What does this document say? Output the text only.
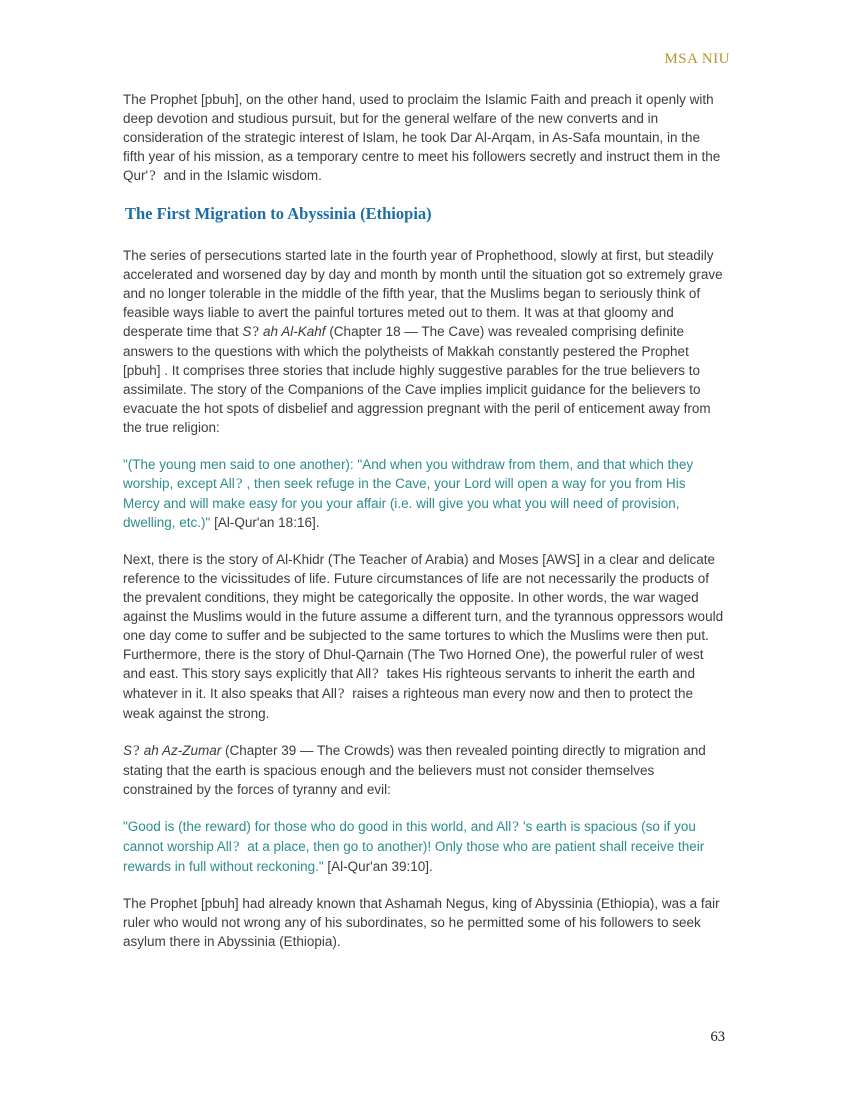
MSA NIU

The Prophet [pbuh], on the other hand, used to proclaim the Islamic Faith and preach it openly with deep devotion and studious pursuit, but for the general welfare of the new converts and in consideration of the strategic interest of Islam, he took Dar Al-Arqam, in As-Safa mountain, in the fifth year of his mission, as a temporary centre to meet his followers secretly and instruct them in the Qur'? and in the Islamic wisdom.

The First Migration to Abyssinia (Ethiopia)

The series of persecutions started late in the fourth year of Prophethood, slowly at first, but steadily accelerated and worsened day by day and month by month until the situation got so extremely grave and no longer tolerable in the middle of the fifth year, that the Muslims began to seriously think of feasible ways liable to avert the painful tortures meted out to them. It was at that gloomy and desperate time that S? ah Al-Kahf (Chapter 18 — The Cave) was revealed comprising definite answers to the questions with which the polytheists of Makkah constantly pestered the Prophet [pbuh] . It comprises three stories that include highly suggestive parables for the true believers to assimilate. The story of the Companions of the Cave implies implicit guidance for the believers to evacuate the hot spots of disbelief and aggression pregnant with the peril of enticement away from the true religion:

"(The young men said to one another): "And when you withdraw from them, and that which they worship, except All? , then seek refuge in the Cave, your Lord will open a way for you from His Mercy and will make easy for you your affair (i.e. will give you what you will need of provision, dwelling, etc.)" [Al-Qur'an 18:16].

Next, there is the story of Al-Khidr (The Teacher of Arabia) and Moses [AWS] in a clear and delicate reference to the vicissitudes of life. Future circumstances of life are not necessarily the products of the prevalent conditions, they might be categorically the opposite. In other words, the war waged against the Muslims would in the future assume a different turn, and the tyrannous oppressors would one day come to suffer and be subjected to the same tortures to which the Muslims were then put. Furthermore, there is the story of Dhul-Qarnain (The Two Horned One), the powerful ruler of west and east. This story says explicitly that All? takes His righteous servants to inherit the earth and whatever in it. It also speaks that All? raises a righteous man every now and then to protect the weak against the strong.

S? ah Az-Zumar (Chapter 39 — The Crowds) was then revealed pointing directly to migration and stating that the earth is spacious enough and the believers must not consider themselves constrained by the forces of tyranny and evil:

"Good is (the reward) for those who do good in this world, and All? 's earth is spacious (so if you cannot worship All? at a place, then go to another)! Only those who are patient shall receive their rewards in full without reckoning." [Al-Qur'an 39:10].

The Prophet [pbuh] had already known that Ashamah Negus, king of Abyssinia (Ethiopia), was a fair ruler who would not wrong any of his subordinates, so he permitted some of his followers to seek asylum there in Abyssinia (Ethiopia).

63
